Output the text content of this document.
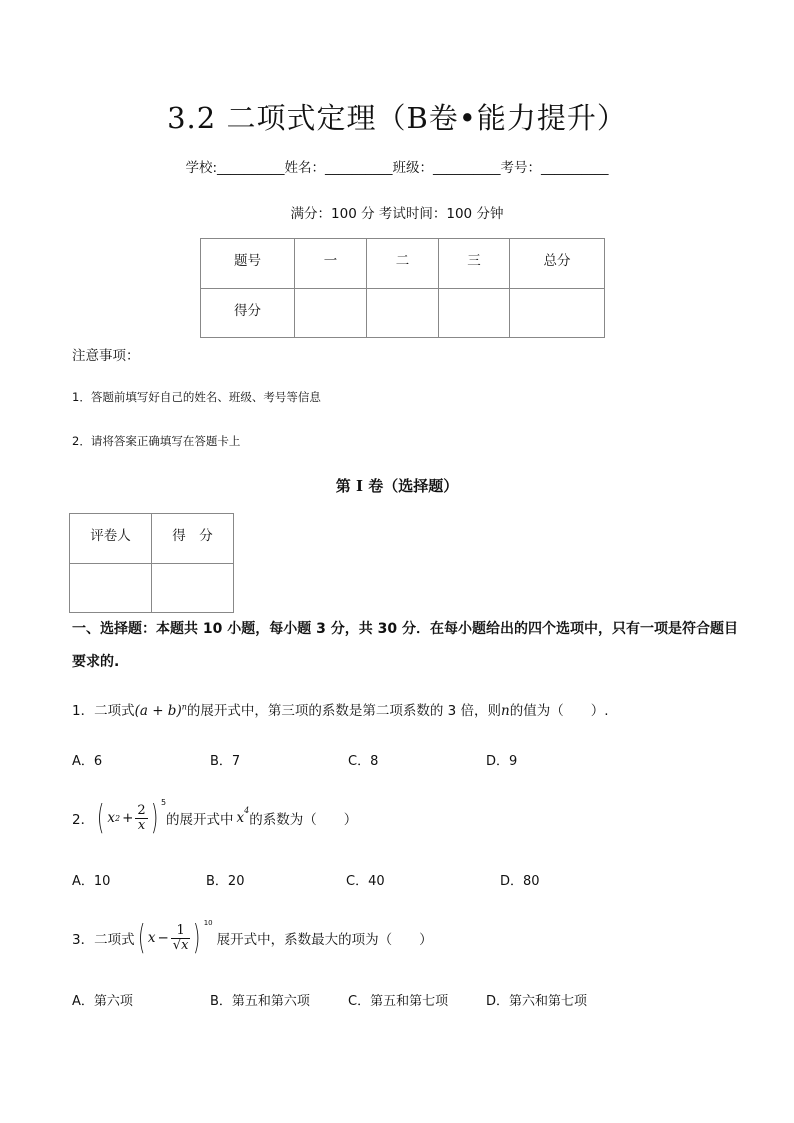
3.2 二项式定理（B卷•能力提升）
学校:__________姓名：__________班级：__________考号：__________
满分：100 分 考试时间：100 分钟
题号	一	二	三	总分
得分				
注意事项：
1．答题前填写好自己的姓名、班级、考号等信息
2．请将答案正确填写在答题卡上
第 I 卷（选择题）
评卷人	得　分

一、选择题：本题共 10 小题，每小题 3 分，共 30 分．在每小题给出的四个选项中，只有一项是符合题目
要求的.
1．二项式$(a + b)^n$的展开式中，第三项的系数是第二项系数的 3 倍，则n的值为（　　）.
A．6	B．7	C．8	D．9
2． ( x $2 + \frac{2}{x}$ ) 5
的展开式中 x 4
的系数为（　　）
A．10	B．20	C．40	D．80
3．二项式 ( $x - \frac{1}{√x}$ ) 10
展开式中，系数最大的项为（　　）
A．第六项	B．第五和第六项	C．第五和第七项	D．第六和第七项
